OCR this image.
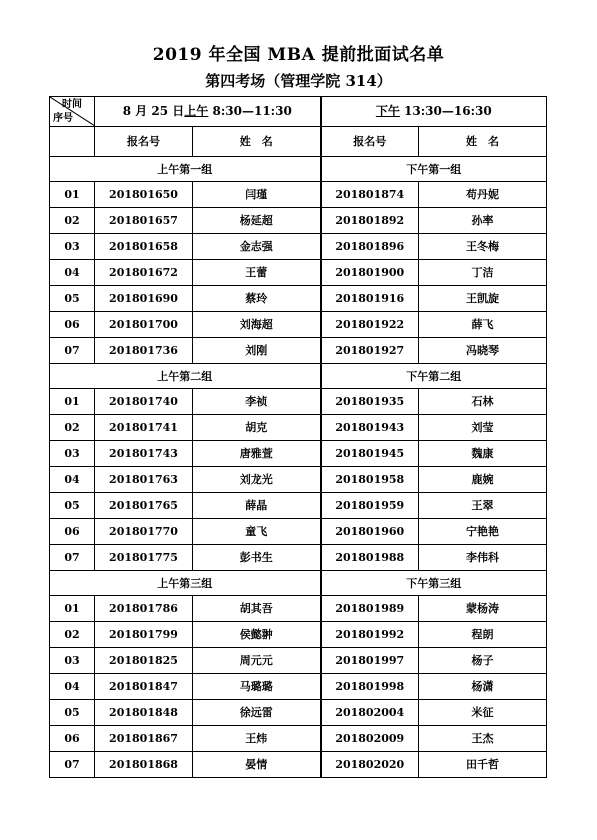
2019 年全国 MBA 提前批面试名单
第四考场（管理学院 314）
时间
序号	8 月 25 日上午 8:30—11:30		下午 13:30—16:30	
	报名号	姓　名	报名号	姓　名
上午第一组			下午第一组	
01	201801650	闫瑾	201801874	苟丹妮
02	201801657	杨延超	201801892	孙率
03	201801658	金志强	201801896	王冬梅
04	201801672	王蕾	201801900	丁洁
05	201801690	蔡玲	201801916	王凯旋
06	201801700	刘海超	201801922	薛飞
07	201801736	刘刚	201801927	冯晓琴
上午第二组			下午第二组	
01	201801740	李祯	201801935	石林
02	201801741	胡克	201801943	刘莹
03	201801743	唐雅萱	201801945	魏康
04	201801763	刘龙光	201801958	鹿婉
05	201801765	薛晶	201801959	王翠
06	201801770	童飞	201801960	宁艳艳
07	201801775	彭书生	201801988	李伟科
上午第三组			下午第三组	
01	201801786	胡其吾	201801989	蒙杨涛
02	201801799	侯懿翀	201801992	程朗
03	201801825	周元元	201801997	杨子
04	201801847	马璐璐	201801998	杨潇
05	201801848	徐远雷	201802004	米征
06	201801867	王炜	201802009	王杰
07	201801868	晏情	201802020	田千哲
